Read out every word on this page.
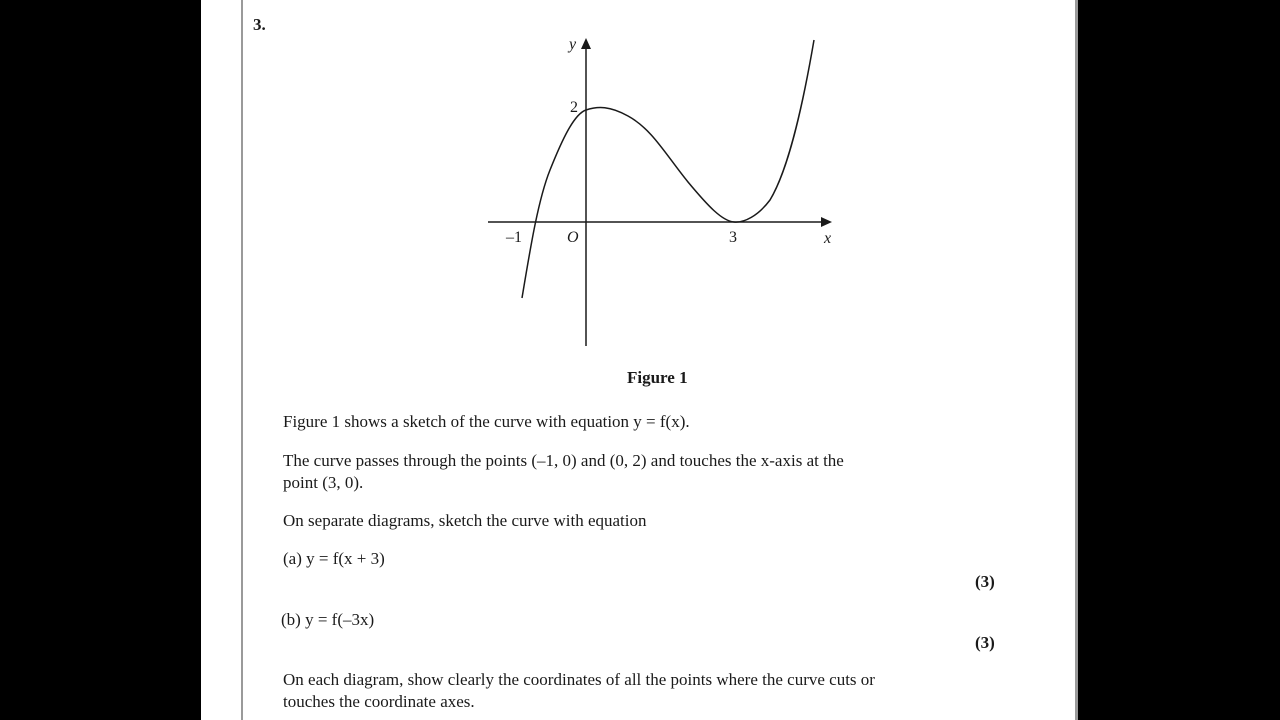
3.
y
2
–1	O	3	x
Figure 1
Figure 1 shows a sketch of the curve with equation y = f(x).
The curve passes through the points (–1, 0) and (0, 2) and touches the x-axis at the
point (3, 0).
On separate diagrams, sketch the curve with equation
(a) y = f(x + 3)
(3)
(b) y = f(–3x)
(3)
On each diagram, show clearly the coordinates of all the points where the curve cuts or
touches the coordinate axes.
